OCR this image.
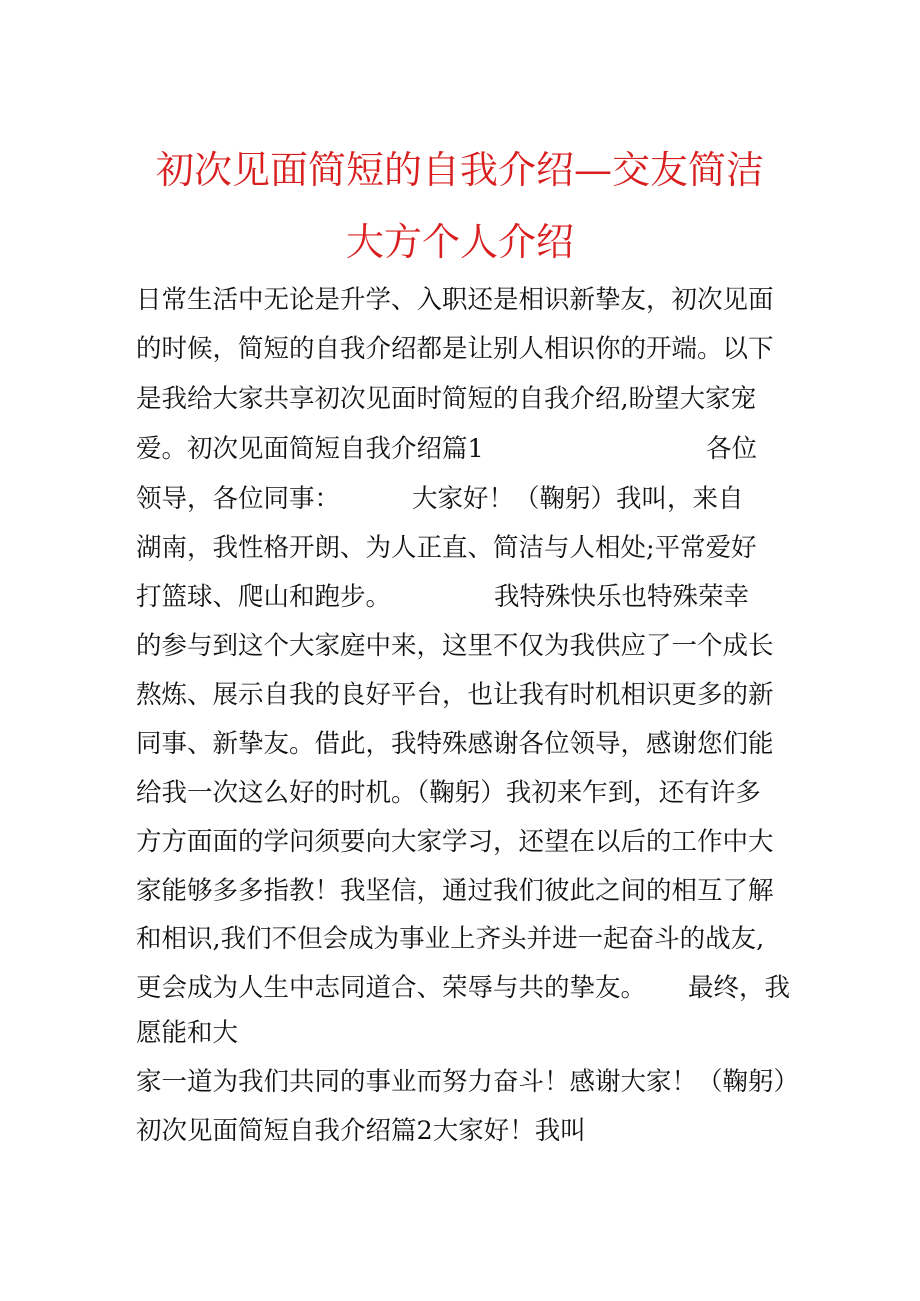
初次见面简短的自我介绍—交友简洁
大方个人介绍
日常生活中无论是升学、入职还是相识新挚友，初次见面
的时候，简短的自我介绍都是让别人相识你的开端。以下
是我给大家共享初次见面时简短的自我介绍,盼望大家宠
爱。初次见面简短自我介绍篇1	各位
领导，各位同事：	大家好！（鞠躬）我叫，来自
湖南，我性格开朗、为人正直、简洁与人相处;平常爱好
打篮球、爬山和跑步。	我特殊快乐也特殊荣幸
的参与到这个大家庭中来，这里不仅为我供应了一个成长
熬炼、展示自我的良好平台，也让我有时机相识更多的新
同事、新挚友。借此，我特殊感谢各位领导，感谢您们能
给我一次这么好的时机。（鞠躬）我初来乍到，还有许多
方方面面的学问须要向大家学习，还望在以后的工作中大
家能够多多指教！我坚信，通过我们彼此之间的相互了解
和相识,我们不但会成为事业上齐头并进一起奋斗的战友,
更会成为人生中志同道合、荣辱与共的挚友。 最终，我
愿能和大
家一道为我们共同的事业而努力奋斗！感谢大家！（鞠躬）
初次见面简短自我介绍篇2大家好！我叫
